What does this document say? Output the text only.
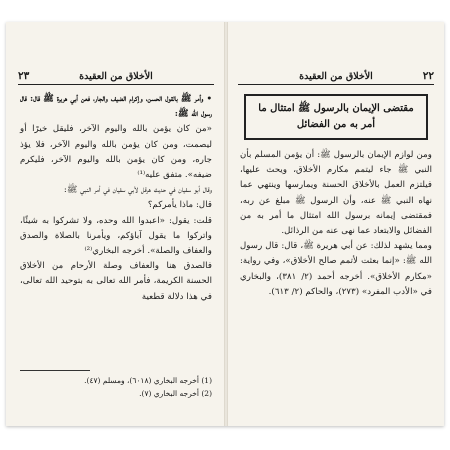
٢٣	الأخلاق من العقيدة

• وأمر ﷺ بالقول الحسن، وإكرام الضيف والجار، فعن أبي هريرة ﷺ قال: قال رسول الله ﷺ:

«من كان يؤمن بالله واليوم الآخر، فليقل خيرًا أو ليصمت، ومن كان يؤمن بالله واليوم الآخر، فلا يؤذ جاره، ومن كان يؤمن بالله واليوم الآخر، فليكرم ضيفه». متفق عليه⁽¹⁾

وقال أبو سفيان في حديث هرقل لأبي سفيان في أمر النبي ﷺ:

قال: ماذا يأمركم؟

قلت: يقول: «اعبدوا الله وحده، ولا تشركوا به شيئًا، واتركوا ما يقول آباؤكم، ويأمرنا بالصلاة والصدق والعفاف والصلة». أخرجه البخاري⁽²⁾

فالصدق هنا والعفاف وصلة الأرحام من الأخلاق الحسنة الكريمة، فأمر الله تعالى به بتوحيد الله تعالى، في هذا دلالة قطعية

(1) أخرجه البخاري (٦٠١٨)، ومسلم (٤٧).

(2) أخرجه البخاري (٧).

٢٢
الأخلاق من العقيدة
مقتضى الإيمان بالرسول ﷺ امتثال ما أمر به من الفضائل

ومن لوازم الإيمان بالرسول ﷺ: أن يؤمن المسلم بأن النبي ﷺ جاء ليتمم مكارم الأخلاق، ويحث عليها، فيلتزم العمل بالأخلاق الحسنة ويمارسها وينتهي عما نهاه النبي ﷺ عنه، وأن الرسول ﷺ مبلغ عن ربه، فمقتضى إيمانه برسول الله امتثال ما أمر به من الفضائل والابتعاد عما نهى عنه من الرذائل.

ومما يشهد لذلك: عن أبي هريرة ﷺ، قال: قال رسول الله ﷺ: «إنما بعثت لأتمم صالح الأخلاق»، وفي رواية: «مكارم الأخلاق». أخرجه أحمد (٢/ ٣٨١)، والبخاري في «الأدب المفرد» (٢٧٣)، والحاكم (٢/ ٦١٣).
